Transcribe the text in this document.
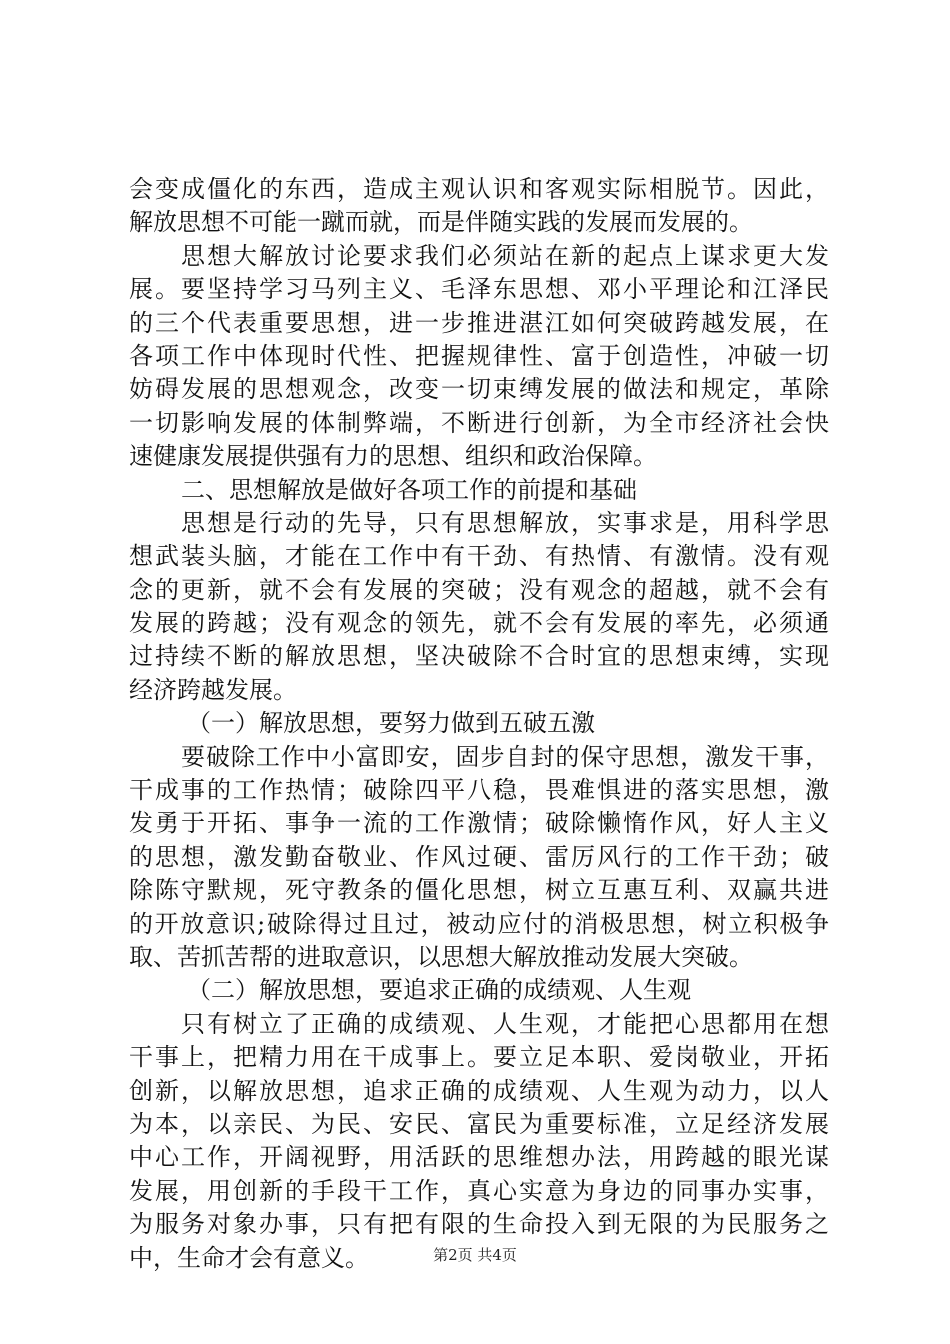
会变成僵化的东西，造成主观认识和客观实际相脱节。因此，
解放思想不可能一蹴而就，而是伴随实践的发展而发展的。
思想大解放讨论要求我们必须站在新的起点上谋求更大发
展。要坚持学习马列主义、毛泽东思想、邓小平理论和江泽民
的三个代表重要思想，进一步推进湛江如何突破跨越发展，在
各项工作中体现时代性、把握规律性、富于创造性，冲破一切
妨碍发展的思想观念，改变一切束缚发展的做法和规定，革除
一切影响发展的体制弊端，不断进行创新，为全市经济社会快
速健康发展提供强有力的思想、组织和政治保障。
二、思想解放是做好各项工作的前提和基础
思想是行动的先导，只有思想解放，实事求是，用科学思
想武装头脑，才能在工作中有干劲、有热情、有激情。没有观
念的更新，就不会有发展的突破；没有观念的超越，就不会有
发展的跨越；没有观念的领先，就不会有发展的率先，必须通
过持续不断的解放思想，坚决破除不合时宜的思想束缚，实现
经济跨越发展。
（一）解放思想，要努力做到五破五激
要破除工作中小富即安，固步自封的保守思想，激发干事，
干成事的工作热情；破除四平八稳，畏难惧进的落实思想，激
发勇于开拓、事争一流的工作激情；破除懒惰作风，好人主义
的思想，激发勤奋敬业、作风过硬、雷厉风行的工作干劲；破
除陈守默规，死守教条的僵化思想，树立互惠互利、双赢共进
的开放意识;破除得过且过，被动应付的消极思想，树立积极争
取、苦抓苦帮的进取意识，以思想大解放推动发展大突破。
（二）解放思想，要追求正确的成绩观、人生观
只有树立了正确的成绩观、人生观，才能把心思都用在想
干事上，把精力用在干成事上。要立足本职、爱岗敬业，开拓
创新，以解放思想，追求正确的成绩观、人生观为动力，以人
为本，以亲民、为民、安民、富民为重要标准，立足经济发展
中心工作，开阔视野，用活跃的思维想办法，用跨越的眼光谋
发展，用创新的手段干工作，真心实意为身边的同事办实事，
为服务对象办事，只有把有限的生命投入到无限的为民服务之
中，生命才会有意义。	第2页 共4页
